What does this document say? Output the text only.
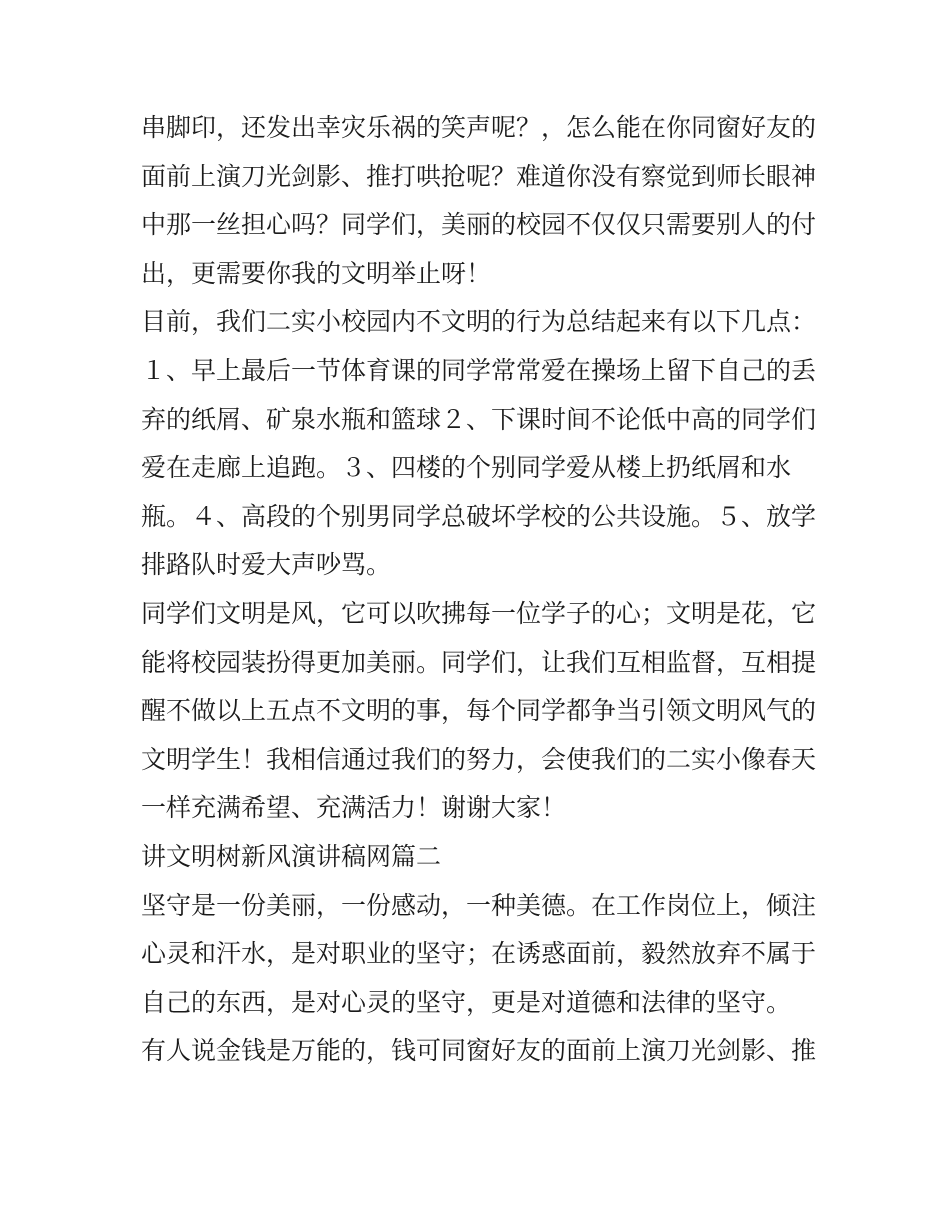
串脚印，还发出幸灾乐祸的笑声呢？，怎么能在你同窗好友的
面前上演刀光剑影、推打哄抢呢？难道你没有察觉到师长眼神
中那一丝担心吗？同学们，美丽的校园不仅仅只需要别人的付
出，更需要你我的文明举止呀！
目前，我们二实小校园内不文明的行为总结起来有以下几点：
１、早上最后一节体育课的同学常常爱在操场上留下自己的丢
弃的纸屑、矿泉水瓶和篮球２、下课时间不论低中高的同学们
爱在走廊上追跑。３、四楼的个别同学爱从楼上扔纸屑和水
瓶。４、高段的个别男同学总破坏学校的公共设施。５、放学
排路队时爱大声吵骂。
同学们文明是风，它可以吹拂每一位学子的心；文明是花，它
能将校园装扮得更加美丽。同学们，让我们互相监督，互相提
醒不做以上五点不文明的事，每个同学都争当引领文明风气的
文明学生！我相信通过我们的努力，会使我们的二实小像春天
一样充满希望、充满活力！谢谢大家！
讲文明树新风演讲稿网篇二
坚守是一份美丽，一份感动，一种美德。在工作岗位上，倾注
心灵和汗水，是对职业的坚守；在诱惑面前，毅然放弃不属于
自己的东西，是对心灵的坚守，更是对道德和法律的坚守。
有人说金钱是万能的，钱可同窗好友的面前上演刀光剑影、推
